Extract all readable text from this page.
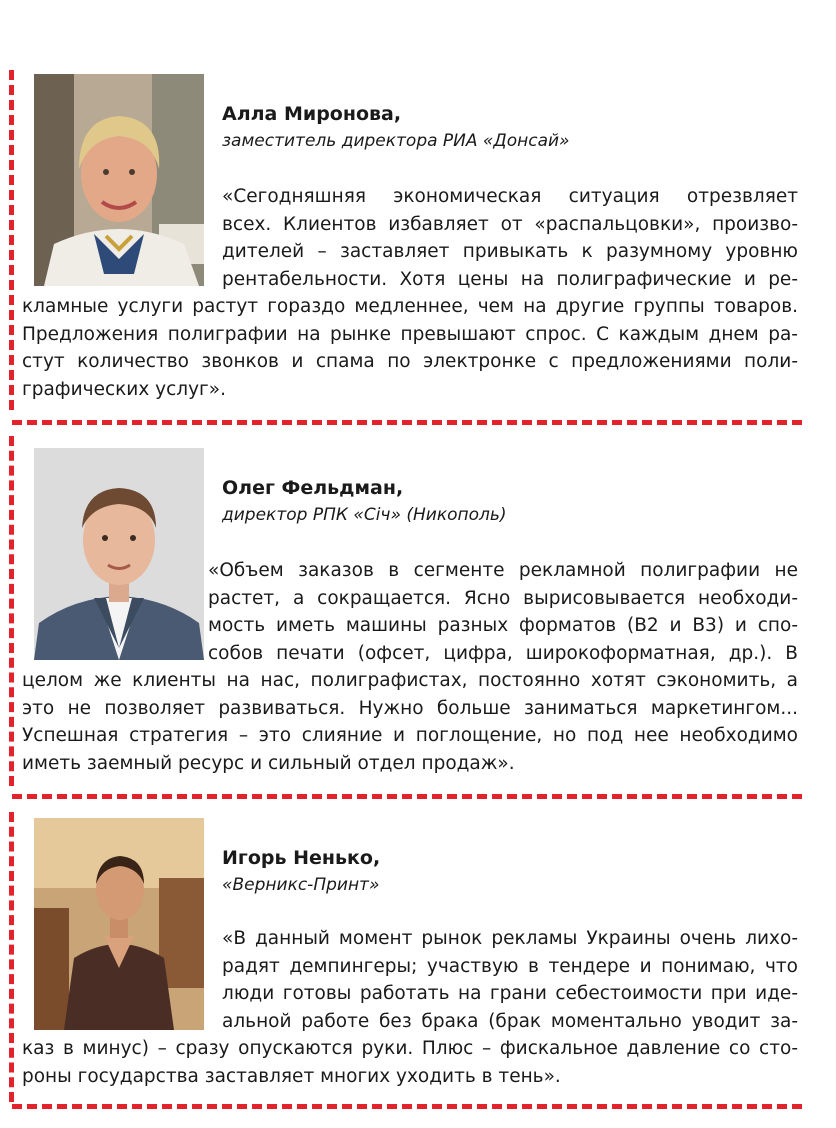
Алла Миронова,
заместитель директора РИА «Донсай»
«Сегодняшняя экономическая ситуация отрезвляет
всех. Клиентов избавляет от «распальцовки», произво-
дителей – заставляет привыкать к разумному уровню
рентабельности. Хотя цены на полиграфические и ре-
кламные услуги растут гораздо медленнее, чем на другие группы товаров.
Предложения полиграфии на рынке превышают спрос. С каждым днем ра-
стут количество звонков и спама по электронке с предложениями поли-
графических услуг».
Олег Фельдман,
директор РПК «Січ» (Никополь)
«Объем заказов в сегменте рекламной полиграфии не
растет, а сокращается. Ясно вырисовывается необходи-
мость иметь машины разных форматов (В2 и В3) и спо-
собов печати (офсет, цифра, широкоформатная, др.). В
целом же клиенты на нас, полиграфистах, постоянно хотят сэкономить, а
это не позволяет развиваться. Нужно больше заниматься маркетингом...
Успешная стратегия – это слияние и поглощение, но под нее необходимо
иметь заемный ресурс и сильный отдел продаж».
Игорь Ненько,
«Верникс-Принт»
«В данный момент рынок рекламы Украины очень лихо-
радят демпингеры; участвую в тендере и понимаю, что
люди готовы работать на грани себестоимости при иде-
альной работе без брака (брак моментально уводит за-
каз в минус) – сразу опускаются руки. Плюс – фискальное давление со сто-
роны государства заставляет многих уходить в тень».
